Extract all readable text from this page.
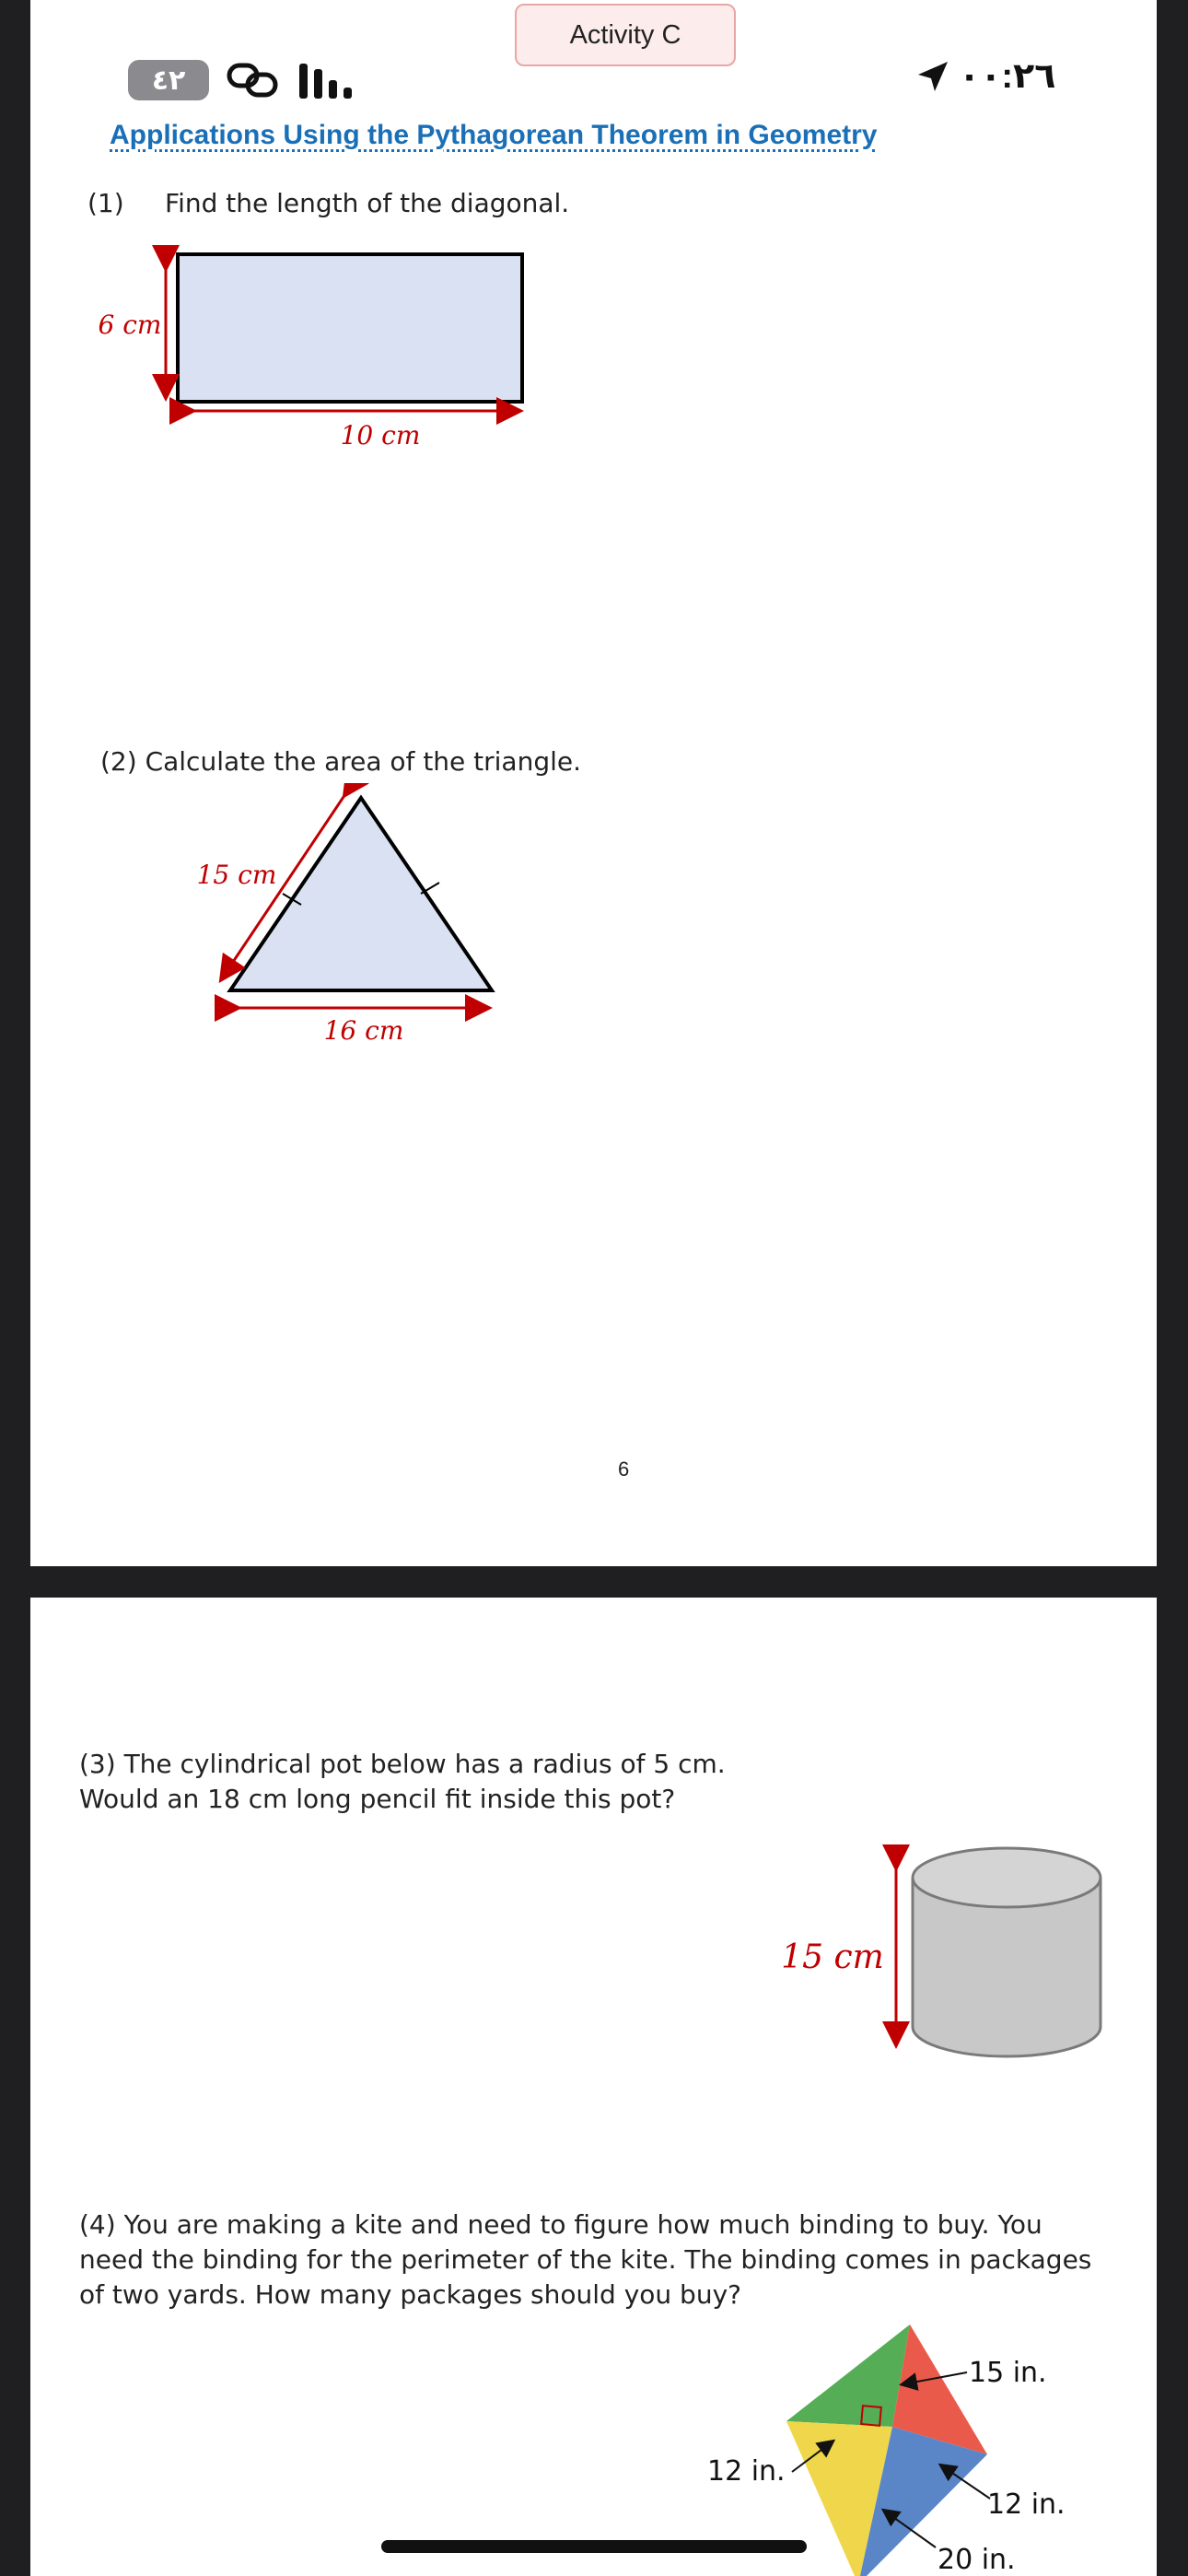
Activity C
٤٢	٠٠:٢٦
Applications Using the Pythagorean Theorem in Geometry
(1) Find the length of the diagonal.
6 cm
10 cm
(2) Calculate the area of the triangle.
15 cm
16 cm
6
(3) The cylindrical pot below has a radius of 5 cm.
Would an 18 cm long pencil fit inside this pot?
15 cm
(4) You are making a kite and need to figure how much binding to buy. You need the binding for the perimeter of the kite. The binding comes in packages of two yards. How many packages should you buy?
15 in.
12 in.
12 in.
20 in.
